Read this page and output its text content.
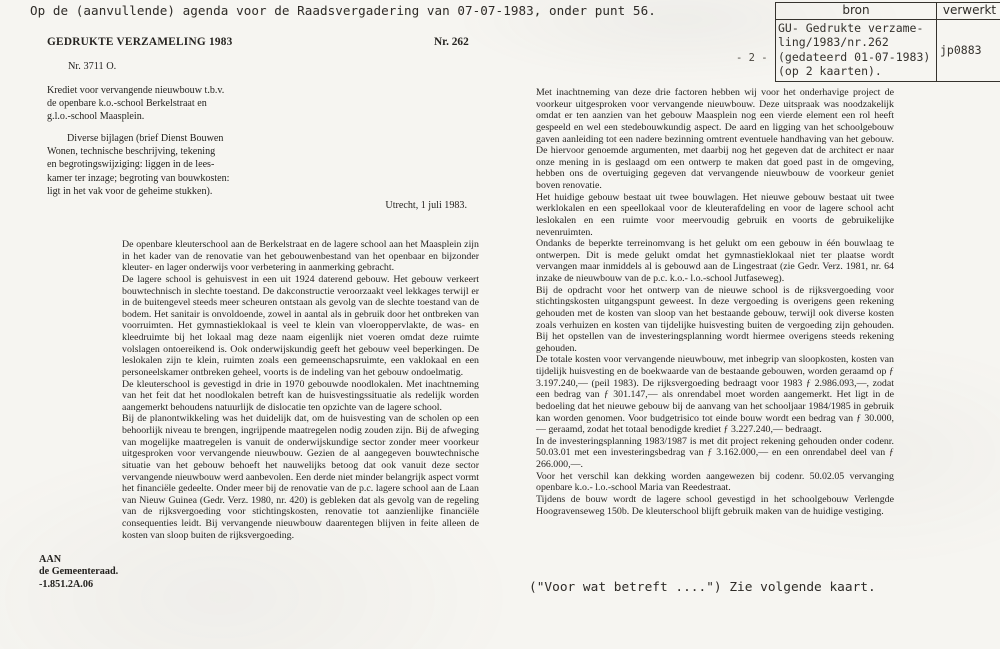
Op de (aanvullende) agenda voor de Raadsvergadering van 07-07-1983, onder punt 56.	bron	verwerkt
GU- Gedrukte verzame-
ling/1983/nr.262
(gedateerd 01-07-1983)
(op 2 kaarten).
jp0883
- 2 -
GEDRUKTE VERZAMELING 1983	Nr. 262
Nr. 3711 O.
Krediet voor vervangende nieuwbouw t.b.v.
de openbare k.o.-school Berkelstraat en
g.l.o.-school Maasplein.
Diverse bijlagen (brief Dienst Bouwen
Wonen, technische beschrijving, tekening
en begrotingswijziging: liggen in de lees-
kamer ter inzage; begroting van bouwkosten:
ligt in het vak voor de geheime stukken).
Utrecht, 1 juli 1983.

De openbare kleuterschool aan de Berkelstraat en de lagere school aan het Maasplein zijn in het kader van de renovatie van het gebouwenbestand van het openbaar en bijzonder kleuter- en lager onderwijs voor verbetering in aanmerking gebracht.

De lagere school is gehuisvest in een uit 1924 daterend gebouw. Het gebouw verkeert bouwtechnisch in slechte toestand. De dakconstructie veroorzaakt veel lekkages terwijl er in de buitengevel steeds meer scheuren ontstaan als gevolg van de slechte toestand van de bodem. Het sanitair is onvoldoende, zowel in aantal als in gebruik door het ontbreken van voorruimten. Het gymnastieklokaal is veel te klein van vloeroppervlakte, de was- en kleedruimte bij het lokaal mag deze naam eigenlijk niet voeren omdat deze ruimte volslagen ontoereikend is. Ook onderwijskundig geeft het gebouw veel beperkingen. De leslokalen zijn te klein, ruimten zoals een gemeenschapsruimte, een vaklokaal en een personeelskamer ontbreken geheel, voorts is de indeling van het gebouw ondoelmatig.

De kleuterschool is gevestigd in drie in 1970 gebouwde noodlokalen. Met inachtneming van het feit dat het noodlokalen betreft kan de huisvestingssituatie als redelijk worden aangemerkt behoudens natuurlijk de dislocatie ten opzichte van de lagere school.

Bij de planontwikkeling was het duidelijk dat, om de huisvesting van de scholen op een behoorlijk niveau te brengen, ingrijpende maatregelen nodig zouden zijn. Bij de afweging van mogelijke maatregelen is vanuit de onderwijskundige sector zonder meer voorkeur uitgesproken voor vervangende nieuwbouw. Gezien de al aangegeven bouwtechnische situatie van het gebouw behoeft het nauwelijks betoog dat ook vanuit deze sector vervangende nieuwbouw werd aanbevolen. Een derde niet minder belangrijk aspect vormt het financiële gedeelte. Onder meer bij de renovatie van de p.c. lagere school aan de Laan van Nieuw Guinea (Gedr. Verz. 1980, nr. 420) is gebleken dat als gevolg van de regeling van de rijksvergoeding voor stichtingskosten, renovatie tot aanzienlijke financiële consequenties leidt. Bij vervangende nieuwbouw daarentegen blijven in feite alleen de kosten van sloop buiten de rijksvergoeding.

Met inachtneming van deze drie factoren hebben wij voor het onderhavige project de voorkeur uitgesproken voor vervangende nieuwbouw. Deze uitspraak was noodzakelijk omdat er ten aanzien van het gebouw Maasplein nog een vierde element een rol heeft gespeeld en wel een stedebouwkundig aspect. De aard en ligging van het schoolgebouw gaven aanleiding tot een nadere bezinning omtrent eventuele handhaving van het gebouw. De hiervoor genoemde argumenten, met daarbij nog het gegeven dat de architect er naar onze mening in is geslaagd om een ontwerp te maken dat goed past in de omgeving, hebben ons de overtuiging gegeven dat vervangende nieuwbouw de voorkeur geniet boven renovatie.

Het huidige gebouw bestaat uit twee bouwlagen. Het nieuwe gebouw bestaat uit twee werklokalen en een speellokaal voor de kleuterafdeling en voor de lagere school acht leslokalen en een ruimte voor meervoudig gebruik en voorts de gebruikelijke nevenruimten.

Ondanks de beperkte terreinomvang is het gelukt om een gebouw in één bouwlaag te ontwerpen. Dit is mede gelukt omdat het gymnastieklokaal niet ter plaatse wordt vervangen maar inmiddels al is gebouwd aan de Lingestraat (zie Gedr. Verz. 1981, nr. 64 inzake de nieuwbouw van de p.c. k.o.- l.o.-school Jutfaseweg).

Bij de opdracht voor het ontwerp van de nieuwe school is de rijksvergoeding voor stichtingskosten uitgangspunt geweest. In deze vergoeding is overigens geen rekening gehouden met de kosten van sloop van het bestaande gebouw, terwijl ook diverse kosten zoals verhuizen en kosten van tijdelijke huisvesting buiten de vergoeding zijn gehouden. Bij het opstellen van de investeringsplanning wordt hiermee overigens steeds rekening gehouden.

De totale kosten voor vervangende nieuwbouw, met inbegrip van sloopkosten, kosten van tijdelijk huisvesting en de boekwaarde van de bestaande gebouwen, worden geraamd op ƒ 3.197.240,— (peil 1983). De rijksvergoeding bedraagt voor 1983 ƒ 2.986.093,—, zodat een bedrag van ƒ 301.147,— als onrendabel moet worden aangemerkt. Het ligt in de bedoeling dat het nieuwe gebouw bij de aanvang van het schooljaar 1984/1985 in gebruik kan worden genomen. Voor budgetrisico tot einde bouw wordt een bedrag van ƒ 30.000,— geraamd, zodat het totaal benodigde krediet ƒ 3.227.240,— bedraagt.

In de investeringsplanning 1983/1987 is met dit project rekening gehouden onder codenr. 50.03.01 met een investeringsbedrag van ƒ 3.162.000,— en een onrendabel deel van ƒ 266.000,—.

Voor het verschil kan dekking worden aangewezen bij codenr. 50.02.05 vervanging openbare k.o.- l.o.-school Maria van Reedestraat.

Tijdens de bouw wordt de lagere school gevestigd in het schoolgebouw Verlengde Hoogravenseweg 150b. De kleuterschool blijft gebruik maken van de huidige vestiging.

AAN
de Gemeenteraad.
-1.851.2A.06	("Voor wat betreft ....") Zie volgende kaart.
